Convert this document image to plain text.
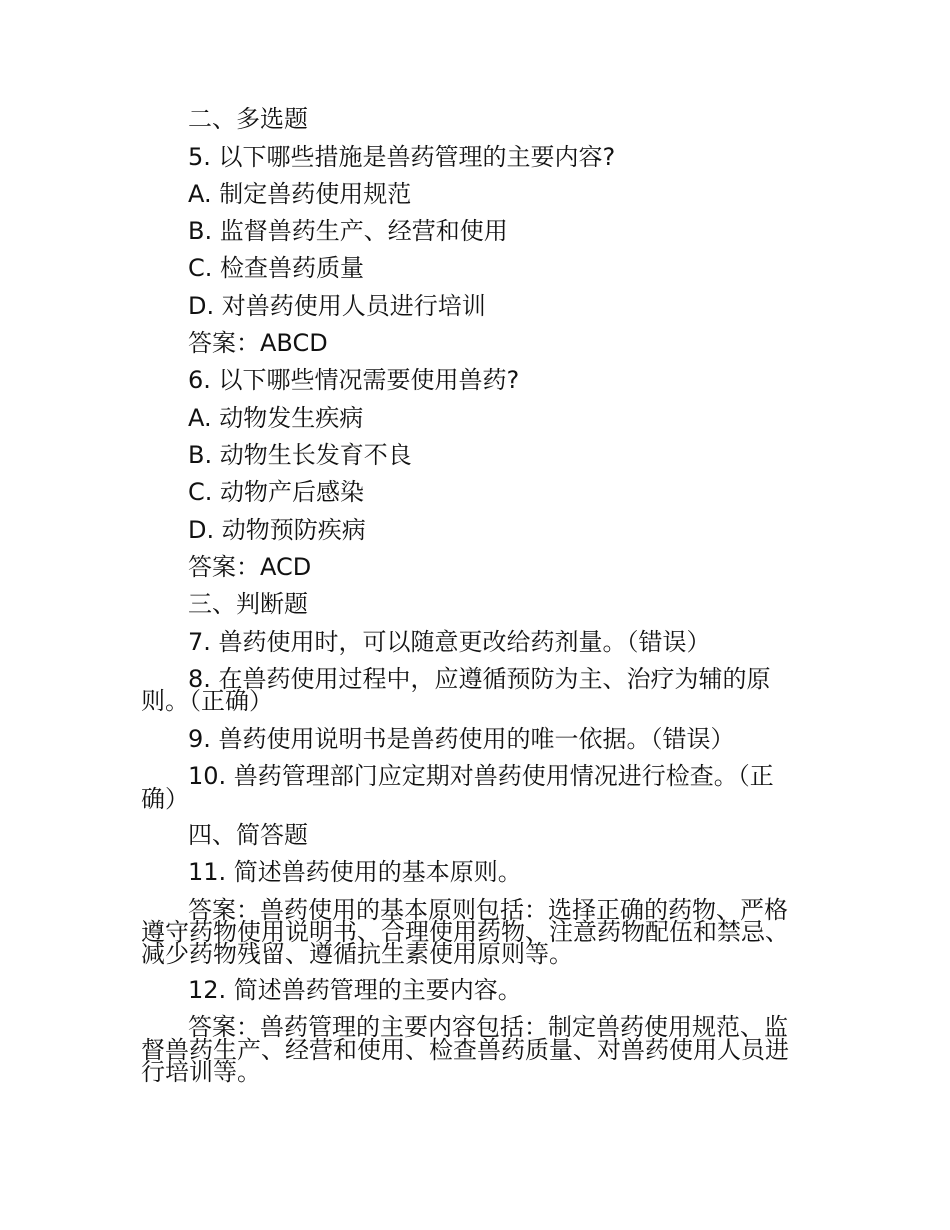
二、多选题
5. 以下哪些措施是兽药管理的主要内容?
A. 制定兽药使用规范
B. 监督兽药生产、经营和使用
C. 检查兽药质量
D. 对兽药使用人员进行培训
答案：ABCD
6. 以下哪些情况需要使用兽药?
A. 动物发生疾病
B. 动物生长发育不良
C. 动物产后感染
D. 动物预防疾病
答案：ACD
三、判断题
7. 兽药使用时，可以随意更改给药剂量。（错误）
8. 在兽药使用过程中，应遵循预防为主、治疗为辅的原
则。（正确）
9. 兽药使用说明书是兽药使用的唯一依据。（错误）
10. 兽药管理部门应定期对兽药使用情况进行检查。（正
确）
四、简答题
11. 简述兽药使用的基本原则。
答案：兽药使用的基本原则包括：选择正确的药物、严格
遵守药物使用说明书、合理使用药物、注意药物配伍和禁忌、
减少药物残留、遵循抗生素使用原则等。
12. 简述兽药管理的主要内容。
答案：兽药管理的主要内容包括：制定兽药使用规范、监
督兽药生产、经营和使用、检查兽药质量、对兽药使用人员进
行培训等。
